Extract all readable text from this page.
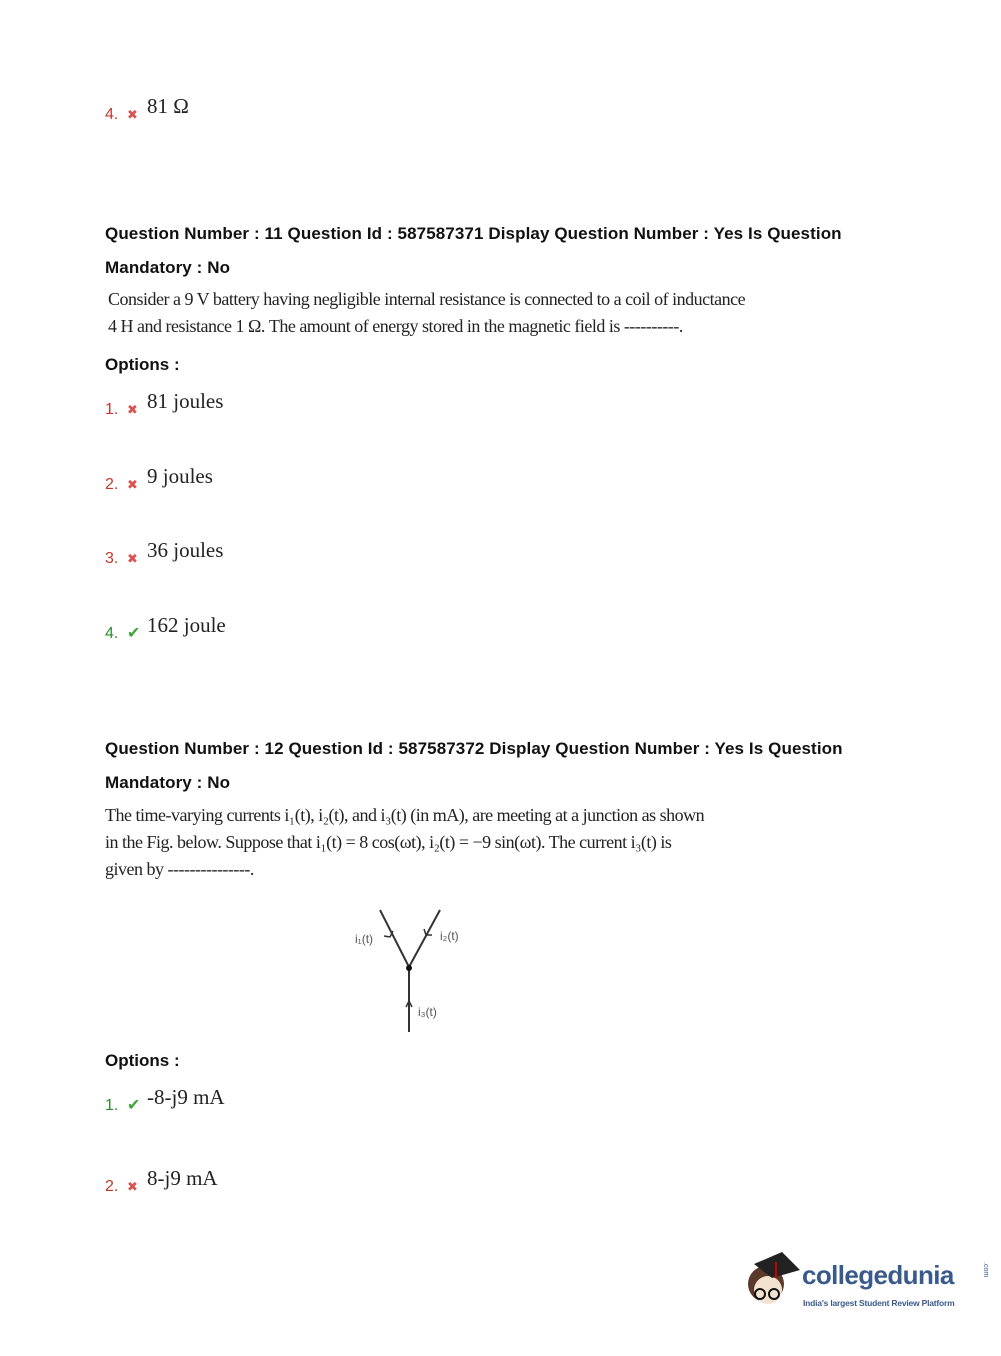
4. ✖ 81 Ω
Question Number : 11 Question Id : 587587371 Display Question Number : Yes Is Question
Mandatory : No
Consider a 9 V battery having negligible internal resistance is connected to a coil of inductance
4 H and resistance 1 Ω. The amount of energy stored in the magnetic field is ----------.
Options :
1. ✖ 81 joules
2. ✖ 9 joules
3. ✖ 36 joules
4. ✔ 162 joule
Question Number : 12 Question Id : 587587372 Display Question Number : Yes Is Question
Mandatory : No
The time-varying currents i₁(t), i₂(t), and i₃(t) (in mA), are meeting at a junction as shown
in the Fig. below. Suppose that i₁(t) = 8 cos(ωt), i₂(t) = −9 sin(ωt). The current i₃(t) is
given by ---------------.
i₁(t)	i₂(t)
i₃(t)
Options :
1. ✔ -8-j9 mA
2. ✖ 8-j9 mA
collegedunia	.com
India's largest Student Review Platform
